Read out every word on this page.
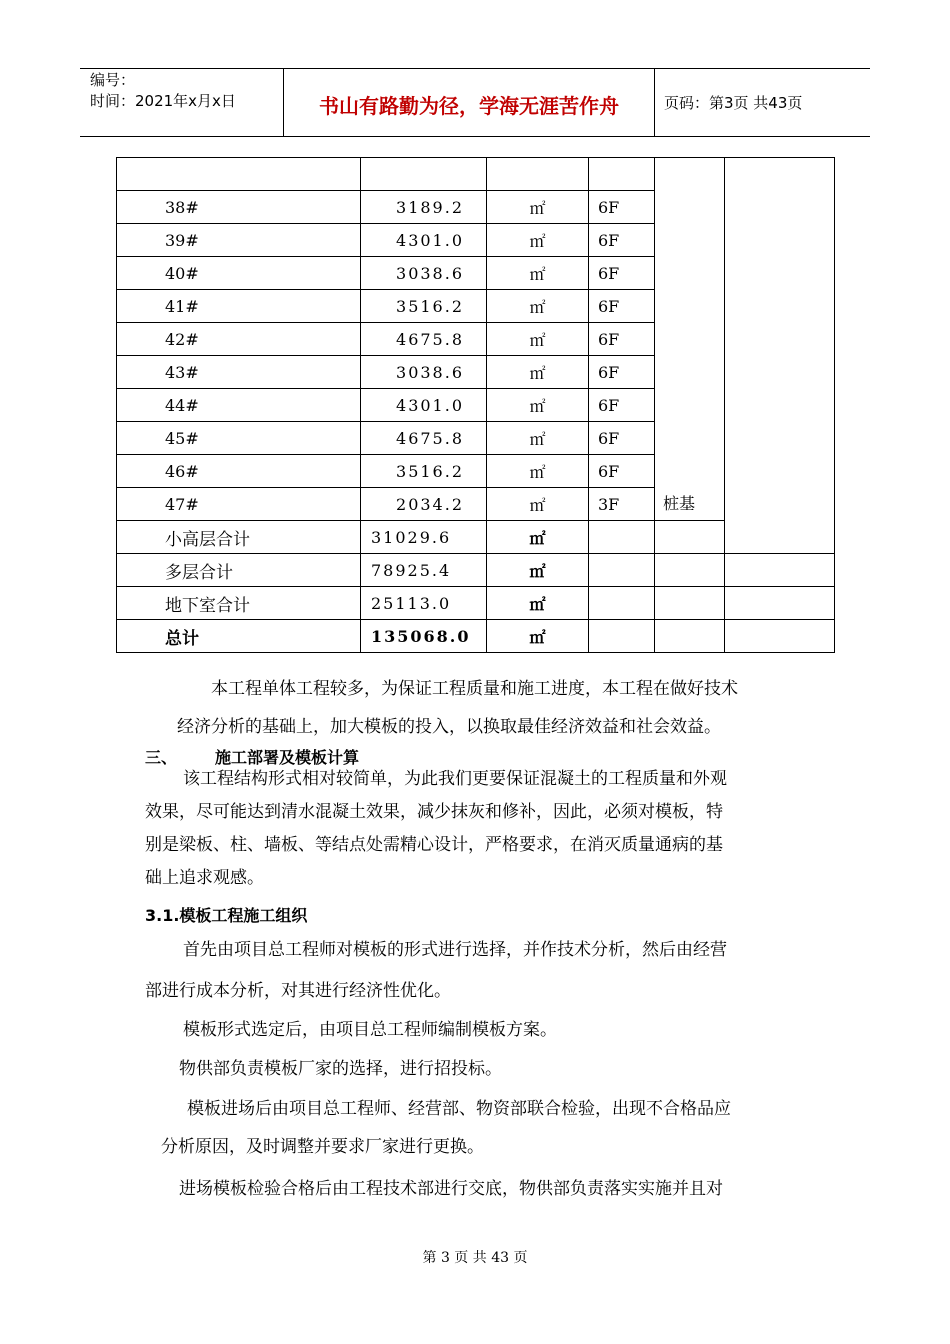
编号：
时间：2021年x月x日	书山有路勤为径，学海无涯苦作舟	页码：第3页 共43页
				桩基	
38#	3189.2	㎡	6F		
39#	4301.0	㎡	6F		
40#	3038.6	㎡	6F		
41#	3516.2	㎡	6F		
42#	4675.8	㎡	6F		
43#	3038.6	㎡	6F		
44#	4301.0	㎡	6F		
45#	4675.8	㎡	6F		
46#	3516.2	㎡	6F		
47#	2034.2	㎡	3F		
小高层合计	31029.6	㎡			
多层合计	78925.4	㎡			
地下室合计	25113.0	㎡			
总计	135068.0	㎡			
本工程单体工程较多，为保证工程质量和施工进度，本工程在做好技术
经济分析的基础上，加大模板的投入，以换取最佳经济效益和社会效益。
三、 施工部署及模板计算
该工程结构形式相对较简单，为此我们更要保证混凝土的工程质量和外观
效果，尽可能达到清水混凝土效果，减少抹灰和修补，因此，必须对模板，特
别是梁板、柱、墙板、等结点处需精心设计，严格要求，在消灭质量通病的基
础上追求观感。
3.1.模板工程施工组织
首先由项目总工程师对模板的形式进行选择，并作技术分析，然后由经营
部进行成本分析，对其进行经济性优化。
模板形式选定后，由项目总工程师编制模板方案。
物供部负责模板厂家的选择，进行招投标。
模板进场后由项目总工程师、经营部、物资部联合检验，出现不合格品应
分析原因，及时调整并要求厂家进行更换。
进场模板检验合格后由工程技术部进行交底，物供部负责落实实施并且对
第 3 页 共 43 页
